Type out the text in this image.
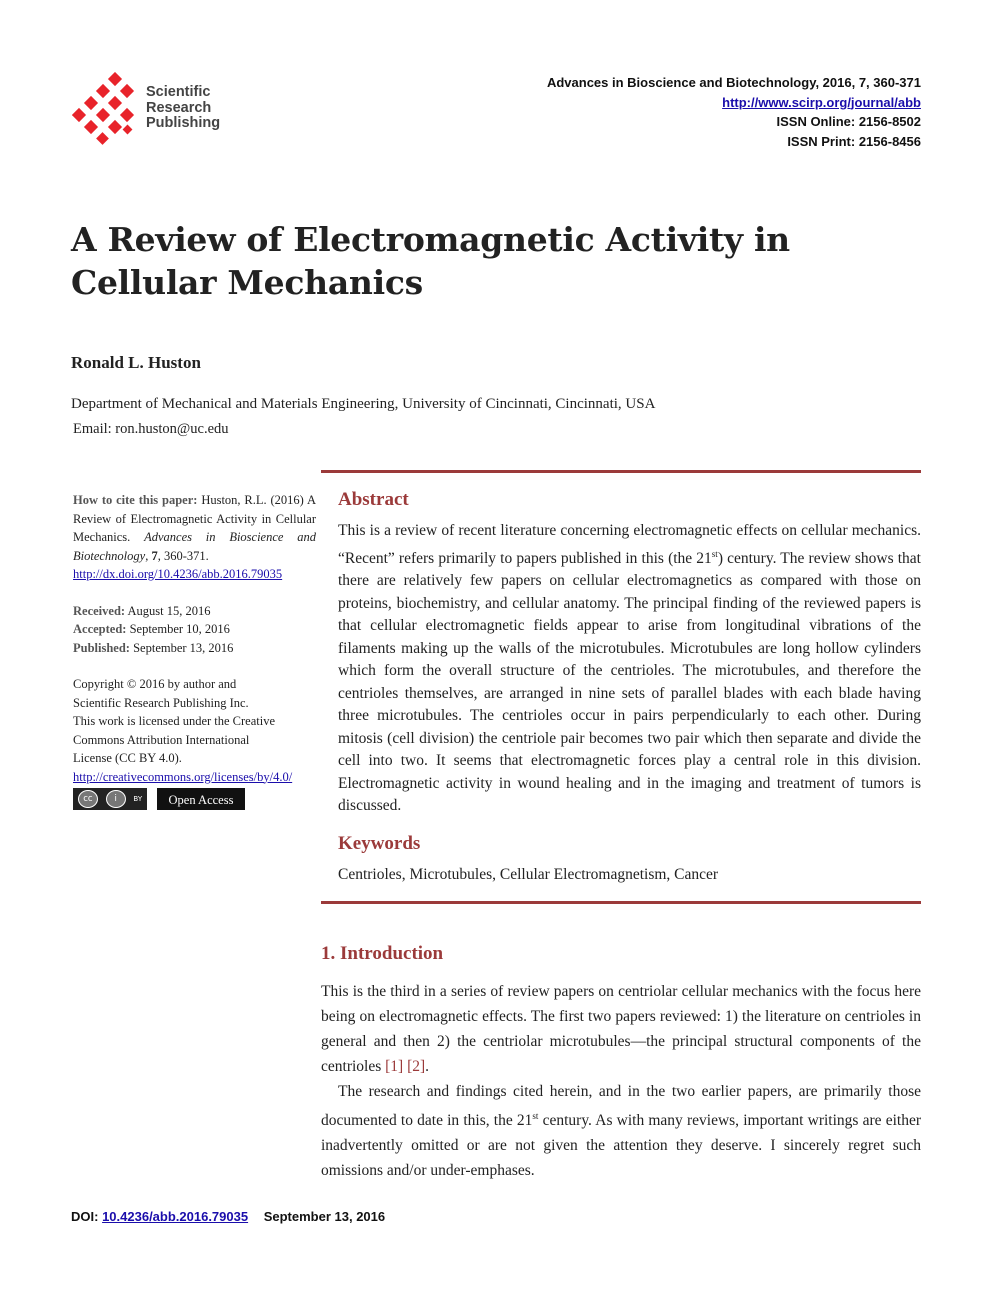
Scientific
Research
Publishing
Advances in Bioscience and Biotechnology, 2016, 7, 360-371
http://www.scirp.org/journal/abb
ISSN Online: 2156-8502
ISSN Print: 2156-8456
A Review of Electromagnetic Activity in Cellular Mechanics
Ronald L. Huston
Department of Mechanical and Materials Engineering, University of Cincinnati, Cincinnati, USA
Email: ron.huston@uc.edu
How to cite this paper: Huston, R.L. (2016) A Review of Electromagnetic Activity in Cellular Mechanics. Advances in Bioscience and Biotechnology, 7, 360-371.
http://dx.doi.org/10.4236/abb.2016.79035
Received: August 15, 2016
Accepted: September 10, 2016
Published: September 13, 2016
Copyright © 2016 by author and
Scientific Research Publishing Inc.
This work is licensed under the Creative
Commons Attribution International
License (CC BY 4.0).
http://creativecommons.org/licenses/by/4.0/
cc	i	BY	Open Access
Abstract
This is a review of recent literature concerning electromagnetic effects on cellular mechanics. “Recent” refers primarily to papers published in this (the 21st) century. The review shows that there are relatively few papers on cellular electromagnetics as compared with those on proteins, biochemistry, and cellular anatomy. The principal finding of the reviewed papers is that cellular electromagnetic fields appear to arise from longitudinal vibrations of the filaments making up the walls of the microtubules. Microtubules are long hollow cylinders which form the overall structure of the centrioles. The microtubules, and therefore the centrioles themselves, are arranged in nine sets of parallel blades with each blade having three microtubules. The centrioles occur in pairs perpendicularly to each other. During mitosis (cell division) the centriole pair becomes two pair which then separate and divide the cell into two. It seems that electromagnetic forces play a central role in this division. Electromagnetic activity in wound healing and in the imaging and treatment of tumors is discussed.
Keywords
Centrioles, Microtubules, Cellular Electromagnetism, Cancer
1. Introduction

This is the third in a series of review papers on centriolar cellular mechanics with the focus here being on electromagnetic effects. The first two papers reviewed: 1) the literature on centrioles in general and then 2) the centriolar microtubules—the principal structural components of the centrioles [1] [2].

The research and findings cited herein, and in the two earlier papers, are primarily those documented to date in this, the 21st century. As with many reviews, important writings are either inadvertently omitted or are not given the attention they deserve. I sincerely regret such omissions and/or under-emphases.

DOI: 10.4236/abb.2016.79035 September 13, 2016
